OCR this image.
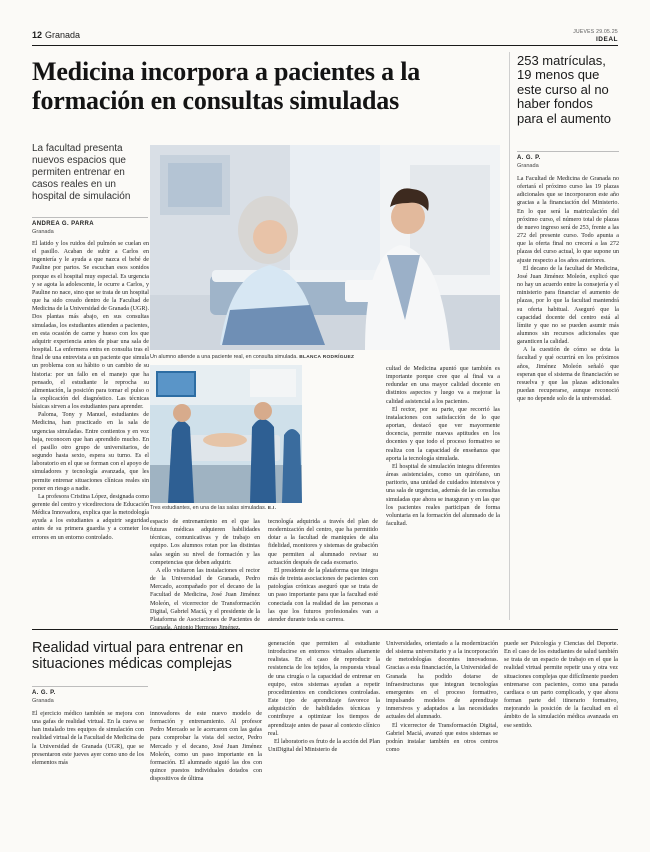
12 Granada	JUEVES 29.05.25
IDEAL
Medicina incorpora a pacientes a la formación en consultas simuladas
253 matrículas, 19 menos que este curso al no haber fondos para el aumento
La facultad presenta nuevos espacios que permiten entrenar en casos reales en un hospital de simulación
ANDREA G. PARRA
Granada

El latido y los ruidos del pulmón se cuelan en el pasillo. Acaban de subir a Carlos en ingeniería y le ayuda a que nazca el bebé de Pauline por partos. Se escuchan esos sonidos porque es el hospital muy especial. Es urgencia y se agota la adolescente, le ocurre a Carlos, y Pauline no nace, sino que se trata de un hospital que ha sido creado dentro de la Facultad de Medicina de la Universidad de Granada (UGR). Dos plantas más abajo, en sus consultas simuladas, los estudiantes atienden a pacientes, en esta ocasión de carne y hueso con los que adquirir experiencia antes de pisar una sala de hospital. La enfermera entra en consulta tras el final de una entrevista a un paciente que simula un problema con su hábito o un cambio de su historia: por un fallo en el manejo que ha pensado, el estudiante le reprocha su alimentación, la posición para tomar el pulso o la explicación del diagnóstico. Las técnicas básicas sirven a los estudiantes para aprender.

Paloma, Tony y Manuel, estudiantes de Medicina, han practicado en la sala de urgencias simuladas. Entre contientos y en voz baja, reconocen que han aprendido mucho. En el pasillo otro grupo de universitarios, de segundo hasta sexto, espera su turno. Es el laboratorio en el que se forman con el apoyo de simuladores y tecnología avanzada, que les permite entrenar situaciones clínicas reales sin poner en riesgo a nadie.

La profesora Cristina López, designada como gerente del centro y vicedirectora de Educación Médica Innovadora, explica que la metodología ayuda a los estudiantes a adquirir seguridad antes de su primera guardia y a cometer los errores en un entorno controlado.

Un alumno atiende a una paciente real, en consulta simulada. BLANCA RODRÍGUEZ
Tres estudiantes, en una de las salas simuladas. E.I.

espacio de entrenamiento en el que las futuras médicas adquieren habilidades técnicas, comunicativas y de trabajo en equipo. Los alumnos rotan por las distintas salas según su nivel de formación y las competencias que deben adquirir.

A ello visitaron las instalaciones el rector de la Universidad de Granada, Pedro Mercado, acompañado por el decano de la Facultad de Medicina, José Juan Jiménez Moleón, el vicerrector de Transformación Digital, Gabriel Maciá, y el presidente de la Plataforma de Asociaciones de Pacientes de

tecnología adquirida a través del plan de modernización del centro, que ha permitido dotar a la facultad de maniquíes de alta fidelidad, monitores y sistemas de grabación que permiten al alumnado revisar su actuación después de cada escenario.

El presidente de la plataforma que integra más de treinta asociaciones de pacientes con patologías crónicas aseguró que se trata de un paso importante para que la facultad esté conectada con la realidad de las personas a las que los futuros profesionales van a atender durante toda su carrera.

cultad de Medicina apuntó que también es importante porque cree que al final va a redundar en una mayor calidad docente en distintos aspectos y luego va a mejorar la calidad asistencial a los pacientes.

El rector, por su parte, que recorrió las instalaciones con satisfacción de lo que aportan, destacó que ver mayormente docencia, permite nuevas aptitudes en los docentes y que todo el proceso formativo se realiza con la capacidad de enseñanza que aporta la tecnología simulada.

El hospital de simulación integra diferentes áreas asistenciales, como un quirófano, un paritorio, una unidad de cuidados intensivos y una sala de urgencias, además de las consultas simuladas que ahora se inauguran y en las que los pacientes reales participan de forma voluntaria en la formación del alumnado de la facultad.

A. G. P.
Granada

La Facultad de Medicina de Granada no ofertará el próximo curso las 19 plazas adicionales que se incorporaron este año gracias a la financiación del Ministerio. En lo que será la matriculación del próximo curso, el número total de plazas de nuevo ingreso será de 253, frente a las 272 del presente curso. Todo apunta a que la oferta final no crecerá a las 272 plazas del curso actual, lo que supone un ajuste respecto a los años anteriores.

El decano de la facultad de Medicina, José Juan Jiménez Moleón, explicó que no hay un acuerdo entre la consejería y el ministerio para financiar el aumento de plazas, por lo que la facultad mantendrá su oferta habitual. Aseguró que la capacidad docente del centro está al límite y que no se pueden asumir más alumnos sin recursos adicionales que garanticen la calidad.

A la cuestión de cómo se dota la facultad y qué ocurrirá en los próximos años, Jiménez Moleón señaló que esperan que el sistema de financiación se resuelva y que las plazas adicionales puedan recuperarse, aunque reconoció que no depende solo de la universidad.

Realidad virtual para entrenar en situaciones médicas complejas
A. G. P.
Granada

El ejercicio médico también se mejora con una gafas de realidad virtual. En la cueva se han instalado tres equipos de simulación con realidad virtual de la Facultad de Medicina de la Universidad de Granada (UGR), que se presentaron este jueves ayer como uno de los elementos más

innovadores de este nuevo modelo de formación y entrenamiento. Al profesor Pedro Mercado se le acercaron con las gafas para comprobar la vista del sector, Pedro Mercado y el decano, José Juan Jiménez Moleón, como un paso importante en la formación. El alumnado siguió las dos con quince puestos individuales dotados con dispositivos de última

generación que permiten al estudiante introducirse en entornos virtuales altamente realistas. En el caso de reproducir la resistencia de los tejidos, la respuesta visual de una cirugía o la capacidad de entrenar en equipo, estos sistemas ayudan a repetir procedimientos en condiciones controladas. Este tipo de aprendizaje favorece la adquisición de habilidades técnicas y contribuye a optimizar los tiempos de aprendizaje antes de pasar al contexto clínico real.

El laboratorio es fruto de la acción del Plan UniDigital del Ministerio de

Universidades, orientado a la modernización del sistema universitario y a la incorporación de metodologías docentes innovadoras. Gracias a esta financiación, la Universidad de Granada ha podido dotarse de infraestructuras que integran tecnologías emergentes en el proceso formativo, impulsando modelos de aprendizaje inmersivos y adaptados a las necesidades actuales del alumnado.

El vicerrector de Transformación Digital, Gabriel Maciá, avanzó que estos sistemas se podrán instalar también en otros centros como

puede ser Psicología y Ciencias del Deporte. En el caso de los estudiantes de salud también se trata de un espacio de trabajo en el que la realidad virtual permite repetir una y otra vez situaciones complejas que difícilmente pueden entrenarse con pacientes, como una parada cardiaca o un parto complicado, y que ahora forman parte del itinerario formativo, mejorando la posición de la facultad en el ámbito de la simulación médica avanzada en ese sentido.
